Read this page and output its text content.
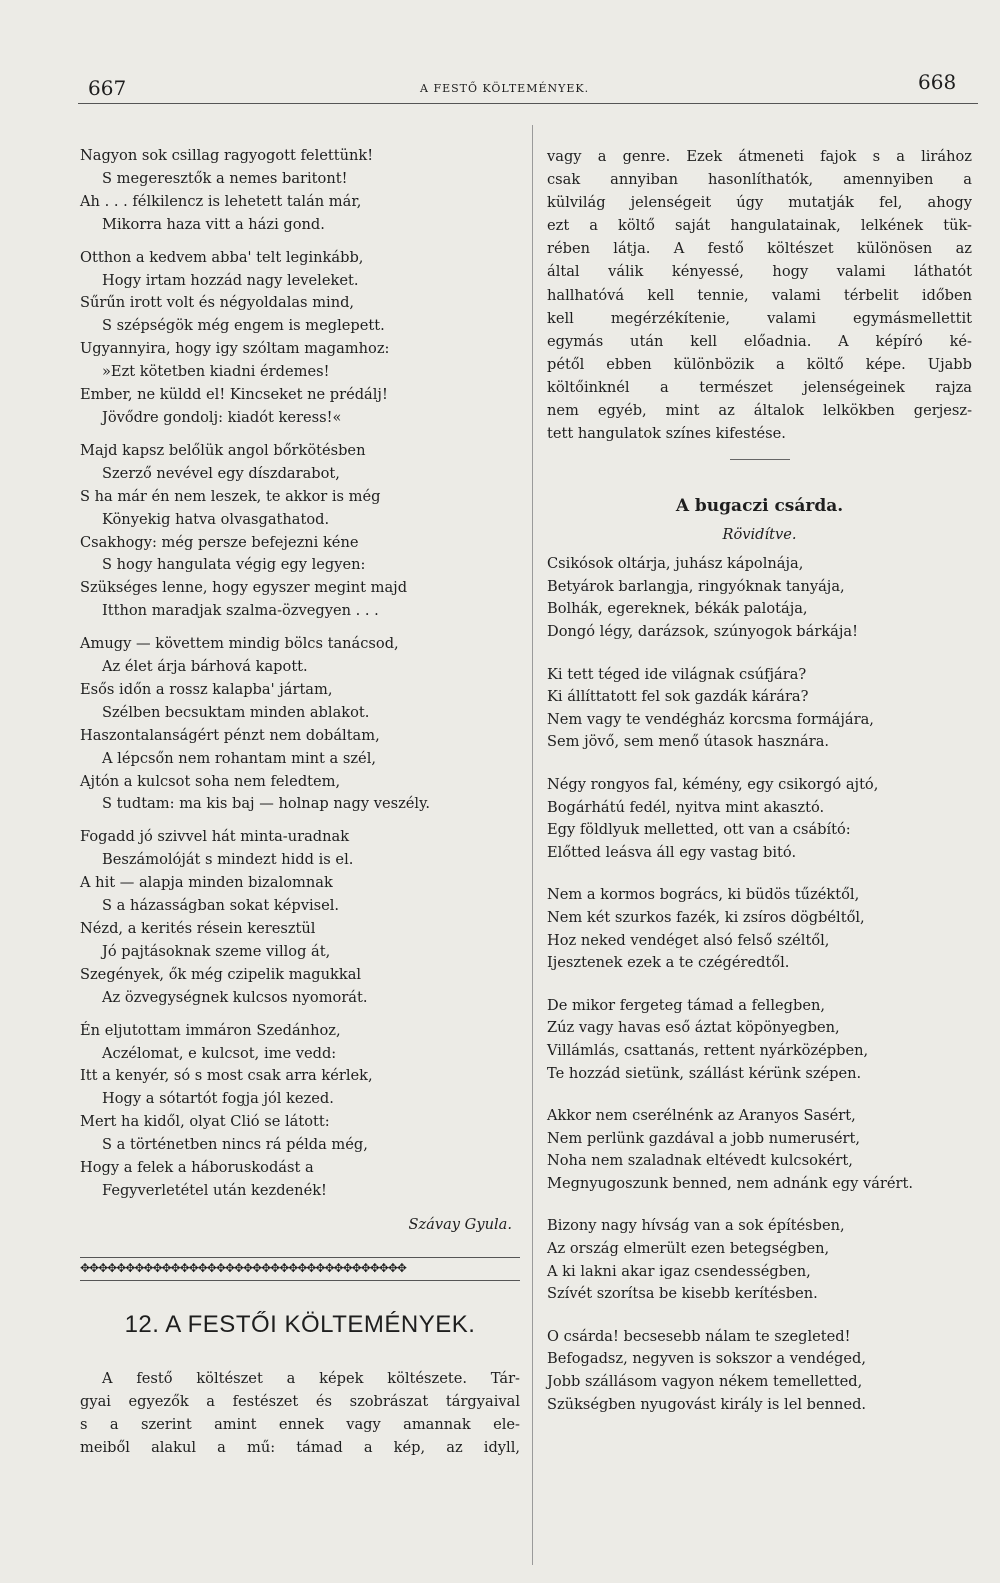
667	A FESTŐ KÖLTEMÉNYEK.	668
Nagyon sok csillag ragyogott felettünk!
S megeresztők a nemes baritont!
Ah . . . félkilencz is lehetett talán már,
Mikorra haza vitt a házi gond.
Otthon a kedvem abba' telt leginkább,
Hogy irtam hozzád nagy leveleket.
Sűrűn irott volt és négyoldalas mind,
S szépségök még engem is meglepett.
Ugyannyira, hogy igy szóltam magamhoz:
»Ezt kötetben kiadni érdemes!
Ember, ne küldd el! Kincseket ne prédálj!
Jövődre gondolj: kiadót keress!«
Majd kapsz belőlük angol bőrkötésben
Szerző nevével egy díszdarabot,
S ha már én nem leszek, te akkor is még
Könyekig hatva olvasgathatod.
Csakhogy: még persze befejezni kéne
S hogy hangulata végig egy legyen:
Szükséges lenne, hogy egyszer megint majd
Itthon maradjak szalma-özvegyen . . .
Amugy — követtem mindig bölcs tanácsod,
Az élet árja bárhová kapott.
Esős időn a rossz kalapba' jártam,
Szélben becsuktam minden ablakot.
Haszontalanságért pénzt nem dobáltam,
A lépcsőn nem rohantam mint a szél,
Ajtón a kulcsot soha nem feledtem,
S tudtam: ma kis baj — holnap nagy veszély.
Fogadd jó szivvel hát minta-uradnak
Beszámolóját s mindezt hidd is el.
A hit — alapja minden bizalomnak
S a házasságban sokat képvisel.
Nézd, a kerités résein keresztül
Jó pajtásoknak szeme villog át,
Szegények, ők még czipelik magukkal
Az özvegységnek kulcsos nyomorát.
Én eljutottam immáron Szedánhoz,
Aczélomat, e kulcsot, ime vedd:
Itt a kenyér, só s most csak arra kérlek,
Hogy a sótartót fogja jól kezed.
Mert ha kidől, olyat Clió se látott:
S a történetben nincs rá példa még,
Hogy a felek a háboruskodást a
Fegyverletétel után kezdenék!
Szávay Gyula.
✥✥✥✥✥✥✥✥✥✥✥✥✥✥✥✥✥✥✥✥✥✥✥✥✥✥✥✥✥✥✥✥✥✥✥✥
12. A FESTŐI KÖLTEMÉNYEK.
A festő költészet a képek költészete. Tár-
gyai egyezők a festészet és szobrászat tárgyaival
s a szerint amint ennek vagy amannak ele-
meiből alakul a mű: támad a kép, az idyll,
vagy a genre. Ezek átmeneti fajok s a lirához
csak annyiban hasonlíthatók, amennyiben a
külvilág jelenségeit úgy mutatják fel, ahogy
ezt a költő saját hangulatainak, lelkének tük-
rében látja. A festő költészet különösen az
által válik kényessé, hogy valami láthatót
hallhatóvá kell tennie, valami térbelit időben
kell megérzékítenie, valami egymásmellettit
egymás után kell előadnia. A képíró ké-
pétől ebben különbözik a költő képe. Ujabb
költőinknél a természet jelenségeinek rajza
nem egyéb, mint az általok lelkökben gerjesz-
tett hangulatok színes kifestése.
A bugaczi csárda.
Rövidítve.
Csikósok oltárja, juhász kápolnája,
Betyárok barlangja, ringyóknak tanyája,
Bolhák, egereknek, békák palotája,
Dongó légy, darázsok, szúnyogok bárkája!
Ki tett téged ide világnak csúfjára?
Ki állíttatott fel sok gazdák kárára?
Nem vagy te vendégház korcsma formájára,
Sem jövő, sem menő útasok hasznára.
Négy rongyos fal, kémény, egy csikorgó ajtó,
Bogárhátú fedél, nyitva mint akasztó.
Egy földlyuk melletted, ott van a csábító:
Előtted leásva áll egy vastag bitó.
Nem a kormos bogrács, ki büdös tűzéktől,
Nem két szurkos fazék, ki zsíros dögbéltől,
Hoz neked vendéget alsó felső széltől,
Ijesztenek ezek a te czégéredtől.
De mikor fergeteg támad a fellegben,
Zúz vagy havas eső áztat köpönyegben,
Villámlás, csattanás, rettent nyárközépben,
Te hozzád sietünk, szállást kérünk szépen.
Akkor nem cserélnénk az Aranyos Sasért,
Nem perlünk gazdával a jobb numerusért,
Noha nem szaladnak eltévedt kulcsokért,
Megnyugoszunk benned, nem adnánk egy várért.
Bizony nagy hívság van a sok építésben,
Az ország elmerült ezen betegségben,
A ki lakni akar igaz csendességben,
Szívét szorítsa be kisebb kerítésben.
O csárda! becsesebb nálam te szegleted!
Befogadsz, negyven is sokszor a vendéged,
Jobb szállásom vagyon nékem temelletted,
Szükségben nyugovást király is lel benned.
